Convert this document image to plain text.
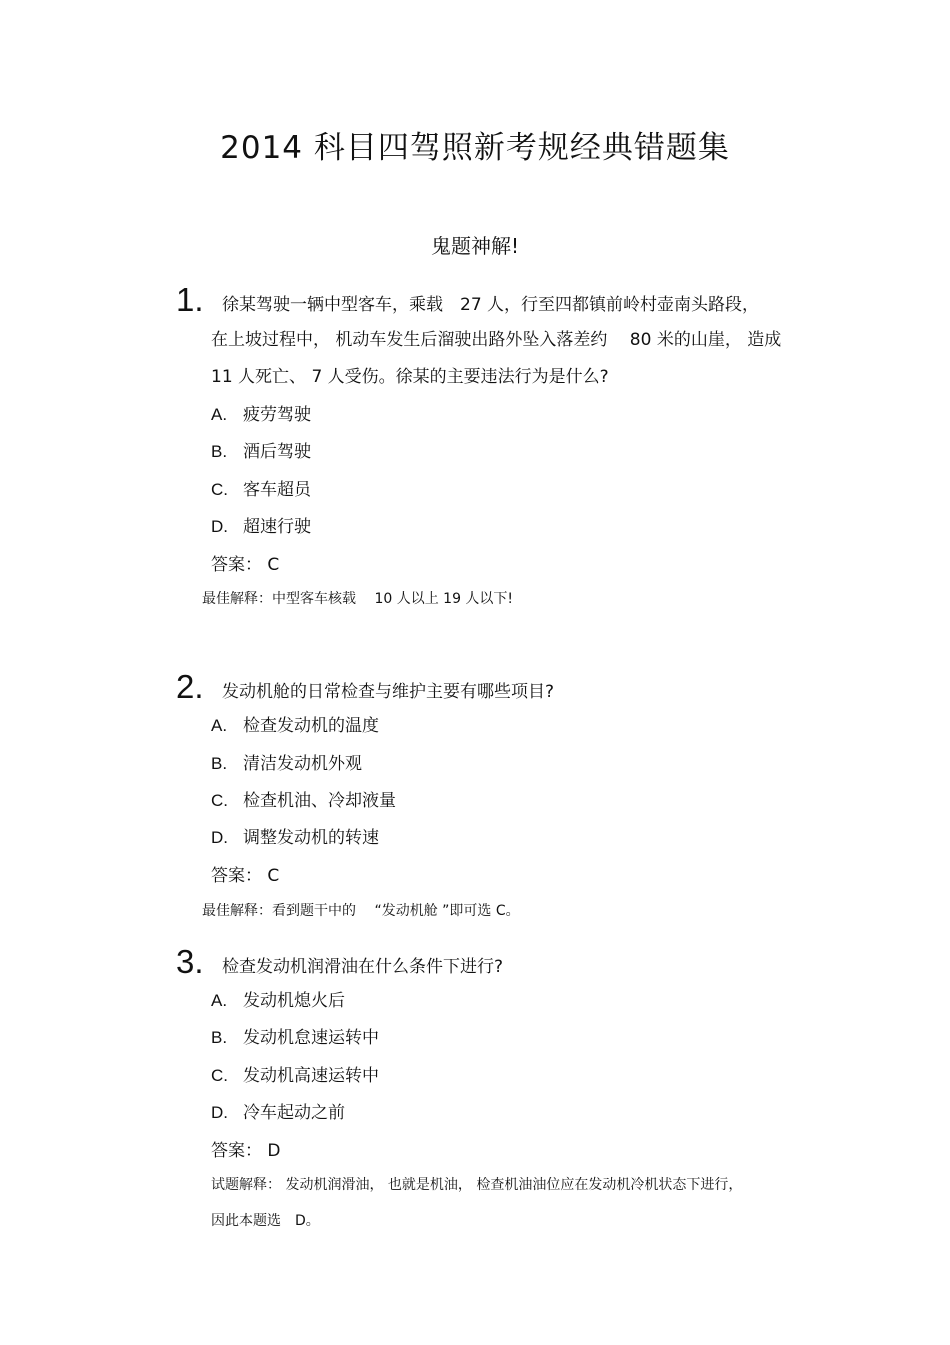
2014 科目四驾照新考规经典错题集
鬼题神解!
1. 徐某驾驶一辆中型客车，乘载　27 人，行至四都镇前岭村壶南头路段，
在上坡过程中， 机动车发生后溜驶出路外坠入落差约　 80 米的山崖， 造成
11 人死亡、 7 人受伤。徐某的主要违法行为是什么?
A. 疲劳驾驶
B. 酒后驾驶
C. 客车超员
D. 超速行驶
答案： C
最佳解释：中型客车核载　 10 人以上 19 人以下!
2. 发动机舱的日常检查与维护主要有哪些项目?
A. 检查发动机的温度
B. 清洁发动机外观
C. 检查机油、冷却液量
D. 调整发动机的转速
答案： C
最佳解释：看到题干中的　 “发动机舱 ”即可选 C。
3. 检查发动机润滑油在什么条件下进行?
A. 发动机熄火后
B. 发动机怠速运转中
C. 发动机高速运转中
D. 冷车起动之前
答案： D
试题解释： 发动机润滑油， 也就是机油， 检查机油油位应在发动机冷机状态下进行，
因此本题选　D。
